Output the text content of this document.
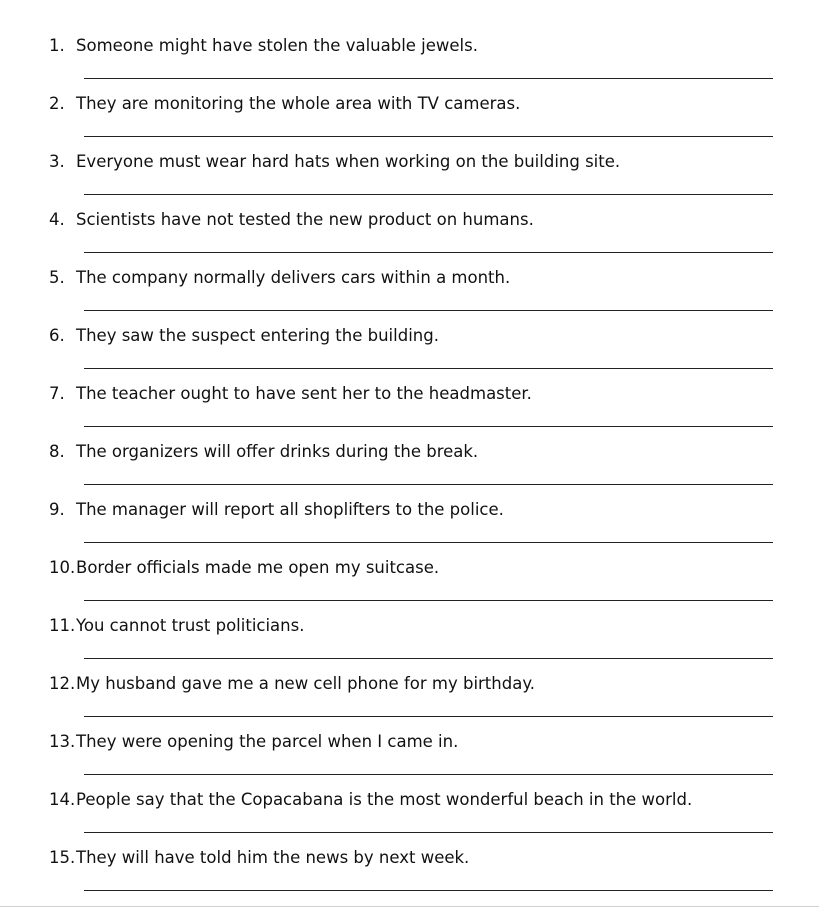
1. Someone might have stolen the valuable jewels.
2. They are monitoring the whole area with TV cameras.
3. Everyone must wear hard hats when working on the building site.
4. Scientists have not tested the new product on humans.
5. The company normally delivers cars within a month.
6. They saw the suspect entering the building.
7. The teacher ought to have sent her to the headmaster.
8. The organizers will offer drinks during the break.
9. The manager will report all shoplifters to the police.
10. Border officials made me open my suitcase.
11. You cannot trust politicians.
12. My husband gave me a new cell phone for my birthday.
13. They were opening the parcel when I came in.
14. People say that the Copacabana is the most wonderful beach in the world.
15. They will have told him the news by next week.
